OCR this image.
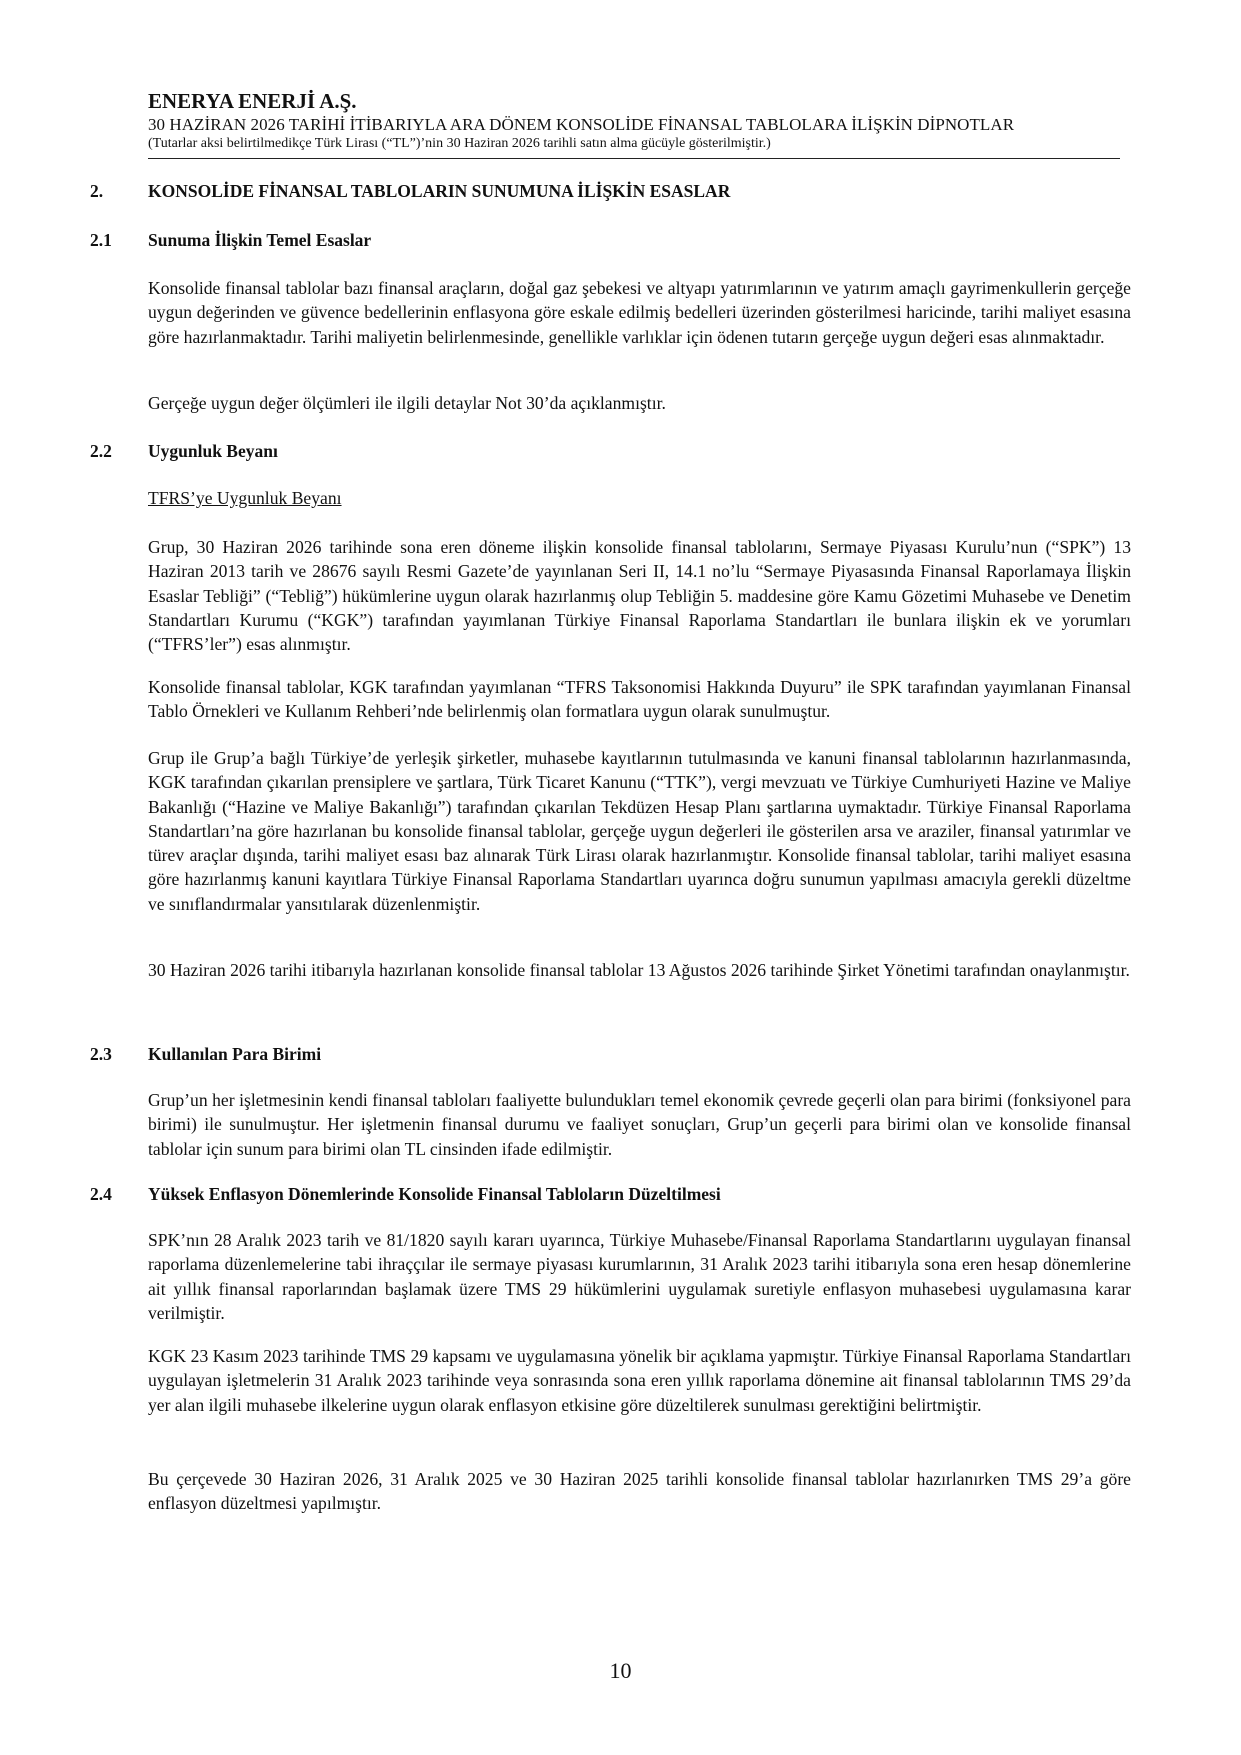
ENERYA ENERJİ A.Ş.
30 HAZİRAN 2026 TARİHİ İTİBARIYLA ARA DÖNEM KONSOLİDE FİNANSAL TABLOLARA İLİŞKİN DİPNOTLAR
(Tutarlar aksi belirtilmedikçe Türk Lirası (“TL”)’nin 30 Haziran 2026 tarihli satın alma gücüyle gösterilmiştir.)
2.	KONSOLİDE FİNANSAL TABLOLARIN SUNUMUNA İLİŞKİN ESASLAR
2.1 Sunuma İlişkin Temel Esaslar
Konsolide finansal tablolar bazı finansal araçların, doğal gaz şebekesi ve altyapı yatırımlarının ve yatırım amaçlı gayrimenkullerin gerçeğe uygun değerinden ve güvence bedellerinin enflasyona göre eskale edilmiş bedelleri üzerinden gösterilmesi haricinde, tarihi maliyet esasına göre hazırlanmaktadır. Tarihi maliyetin belirlenmesinde, genellikle varlıklar için ödenen tutarın gerçeğe uygun değeri esas alınmaktadır.
Gerçeğe uygun değer ölçümleri ile ilgili detaylar Not 30’da açıklanmıştır.
2.2 Uygunluk Beyanı
TFRS’ye Uygunluk Beyanı
Grup, 30 Haziran 2026 tarihinde sona eren döneme ilişkin konsolide finansal tablolarını, Sermaye Piyasası Kurulu’nun (“SPK”) 13 Haziran 2013 tarih ve 28676 sayılı Resmi Gazete’de yayınlanan Seri II, 14.1 no’lu “Sermaye Piyasasında Finansal Raporlamaya İlişkin Esaslar Tebliği” (“Tebliğ”) hükümlerine uygun olarak hazırlanmış olup Tebliğin 5. maddesine göre Kamu Gözetimi Muhasebe ve Denetim Standartları Kurumu (“KGK”) tarafından yayımlanan Türkiye Finansal Raporlama Standartları ile bunlara ilişkin ek ve yorumları (“TFRS’ler”) esas alınmıştır.
Konsolide finansal tablolar, KGK tarafından yayımlanan “TFRS Taksonomisi Hakkında Duyuru” ile SPK tarafından yayımlanan Finansal Tablo Örnekleri ve Kullanım Rehberi’nde belirlenmiş olan formatlara uygun olarak sunulmuştur.
Grup ile Grup’a bağlı Türkiye’de yerleşik şirketler, muhasebe kayıtlarının tutulmasında ve kanuni finansal tablolarının hazırlanmasında, KGK tarafından çıkarılan prensiplere ve şartlara, Türk Ticaret Kanunu (“TTK”), vergi mevzuatı ve Türkiye Cumhuriyeti Hazine ve Maliye Bakanlığı (“Hazine ve Maliye Bakanlığı”) tarafından çıkarılan Tekdüzen Hesap Planı şartlarına uymaktadır. Türkiye Finansal Raporlama Standartları’na göre hazırlanan bu konsolide finansal tablolar, gerçeğe uygun değerleri ile gösterilen arsa ve araziler, finansal yatırımlar ve türev araçlar dışında, tarihi maliyet esası baz alınarak Türk Lirası olarak hazırlanmıştır. Konsolide finansal tablolar, tarihi maliyet esasına göre hazırlanmış kanuni kayıtlara Türkiye Finansal Raporlama Standartları uyarınca doğru sunumun yapılması amacıyla gerekli düzeltme ve sınıflandırmalar yansıtılarak düzenlenmiştir.
30 Haziran 2026 tarihi itibarıyla hazırlanan konsolide finansal tablolar 13 Ağustos 2026 tarihinde Şirket Yönetimi tarafından onaylanmıştır.
2.3 Kullanılan Para Birimi
Grup’un her işletmesinin kendi finansal tabloları faaliyette bulundukları temel ekonomik çevrede geçerli olan para birimi (fonksiyonel para birimi) ile sunulmuştur. Her işletmenin finansal durumu ve faaliyet sonuçları, Grup’un geçerli para birimi olan ve konsolide finansal tablolar için sunum para birimi olan TL cinsinden ifade edilmiştir.
2.4 Yüksek Enflasyon Dönemlerinde Konsolide Finansal Tabloların Düzeltilmesi
SPK’nın 28 Aralık 2023 tarih ve 81/1820 sayılı kararı uyarınca, Türkiye Muhasebe/Finansal Raporlama Standartlarını uygulayan finansal raporlama düzenlemelerine tabi ihraççılar ile sermaye piyasası kurumlarının, 31 Aralık 2023 tarihi itibarıyla sona eren hesap dönemlerine ait yıllık finansal raporlarından başlamak üzere TMS 29 hükümlerini uygulamak suretiyle enflasyon muhasebesi uygulamasına karar verilmiştir.
KGK 23 Kasım 2023 tarihinde TMS 29 kapsamı ve uygulamasına yönelik bir açıklama yapmıştır. Türkiye Finansal Raporlama Standartları uygulayan işletmelerin 31 Aralık 2023 tarihinde veya sonrasında sona eren yıllık raporlama dönemine ait finansal tablolarının TMS 29’da yer alan ilgili muhasebe ilkelerine uygun olarak enflasyon etkisine göre düzeltilerek sunulması gerektiğini belirtmiştir.
Bu çerçevede 30 Haziran 2026, 31 Aralık 2025 ve 30 Haziran 2025 tarihli konsolide finansal tablolar hazırlanırken TMS 29’a göre enflasyon düzeltmesi yapılmıştır.
10
